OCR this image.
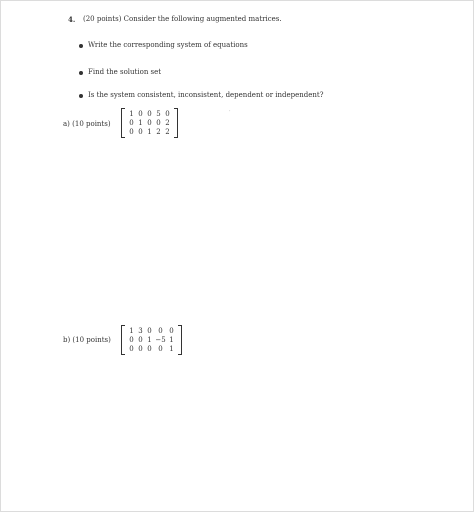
4. (20 points) Consider the following augmented matrices.
Write the corresponding system of equations
Find the solution set
Is the system consistent, inconsistent, dependent or independent?
a) (10 points)
1 0 0 5 0
0 1 0 0 2
0 0 1 2 2
′
b) (10 points)
1 3 0 0 0
0 0 1 −5 1
0 0 0 0 1
